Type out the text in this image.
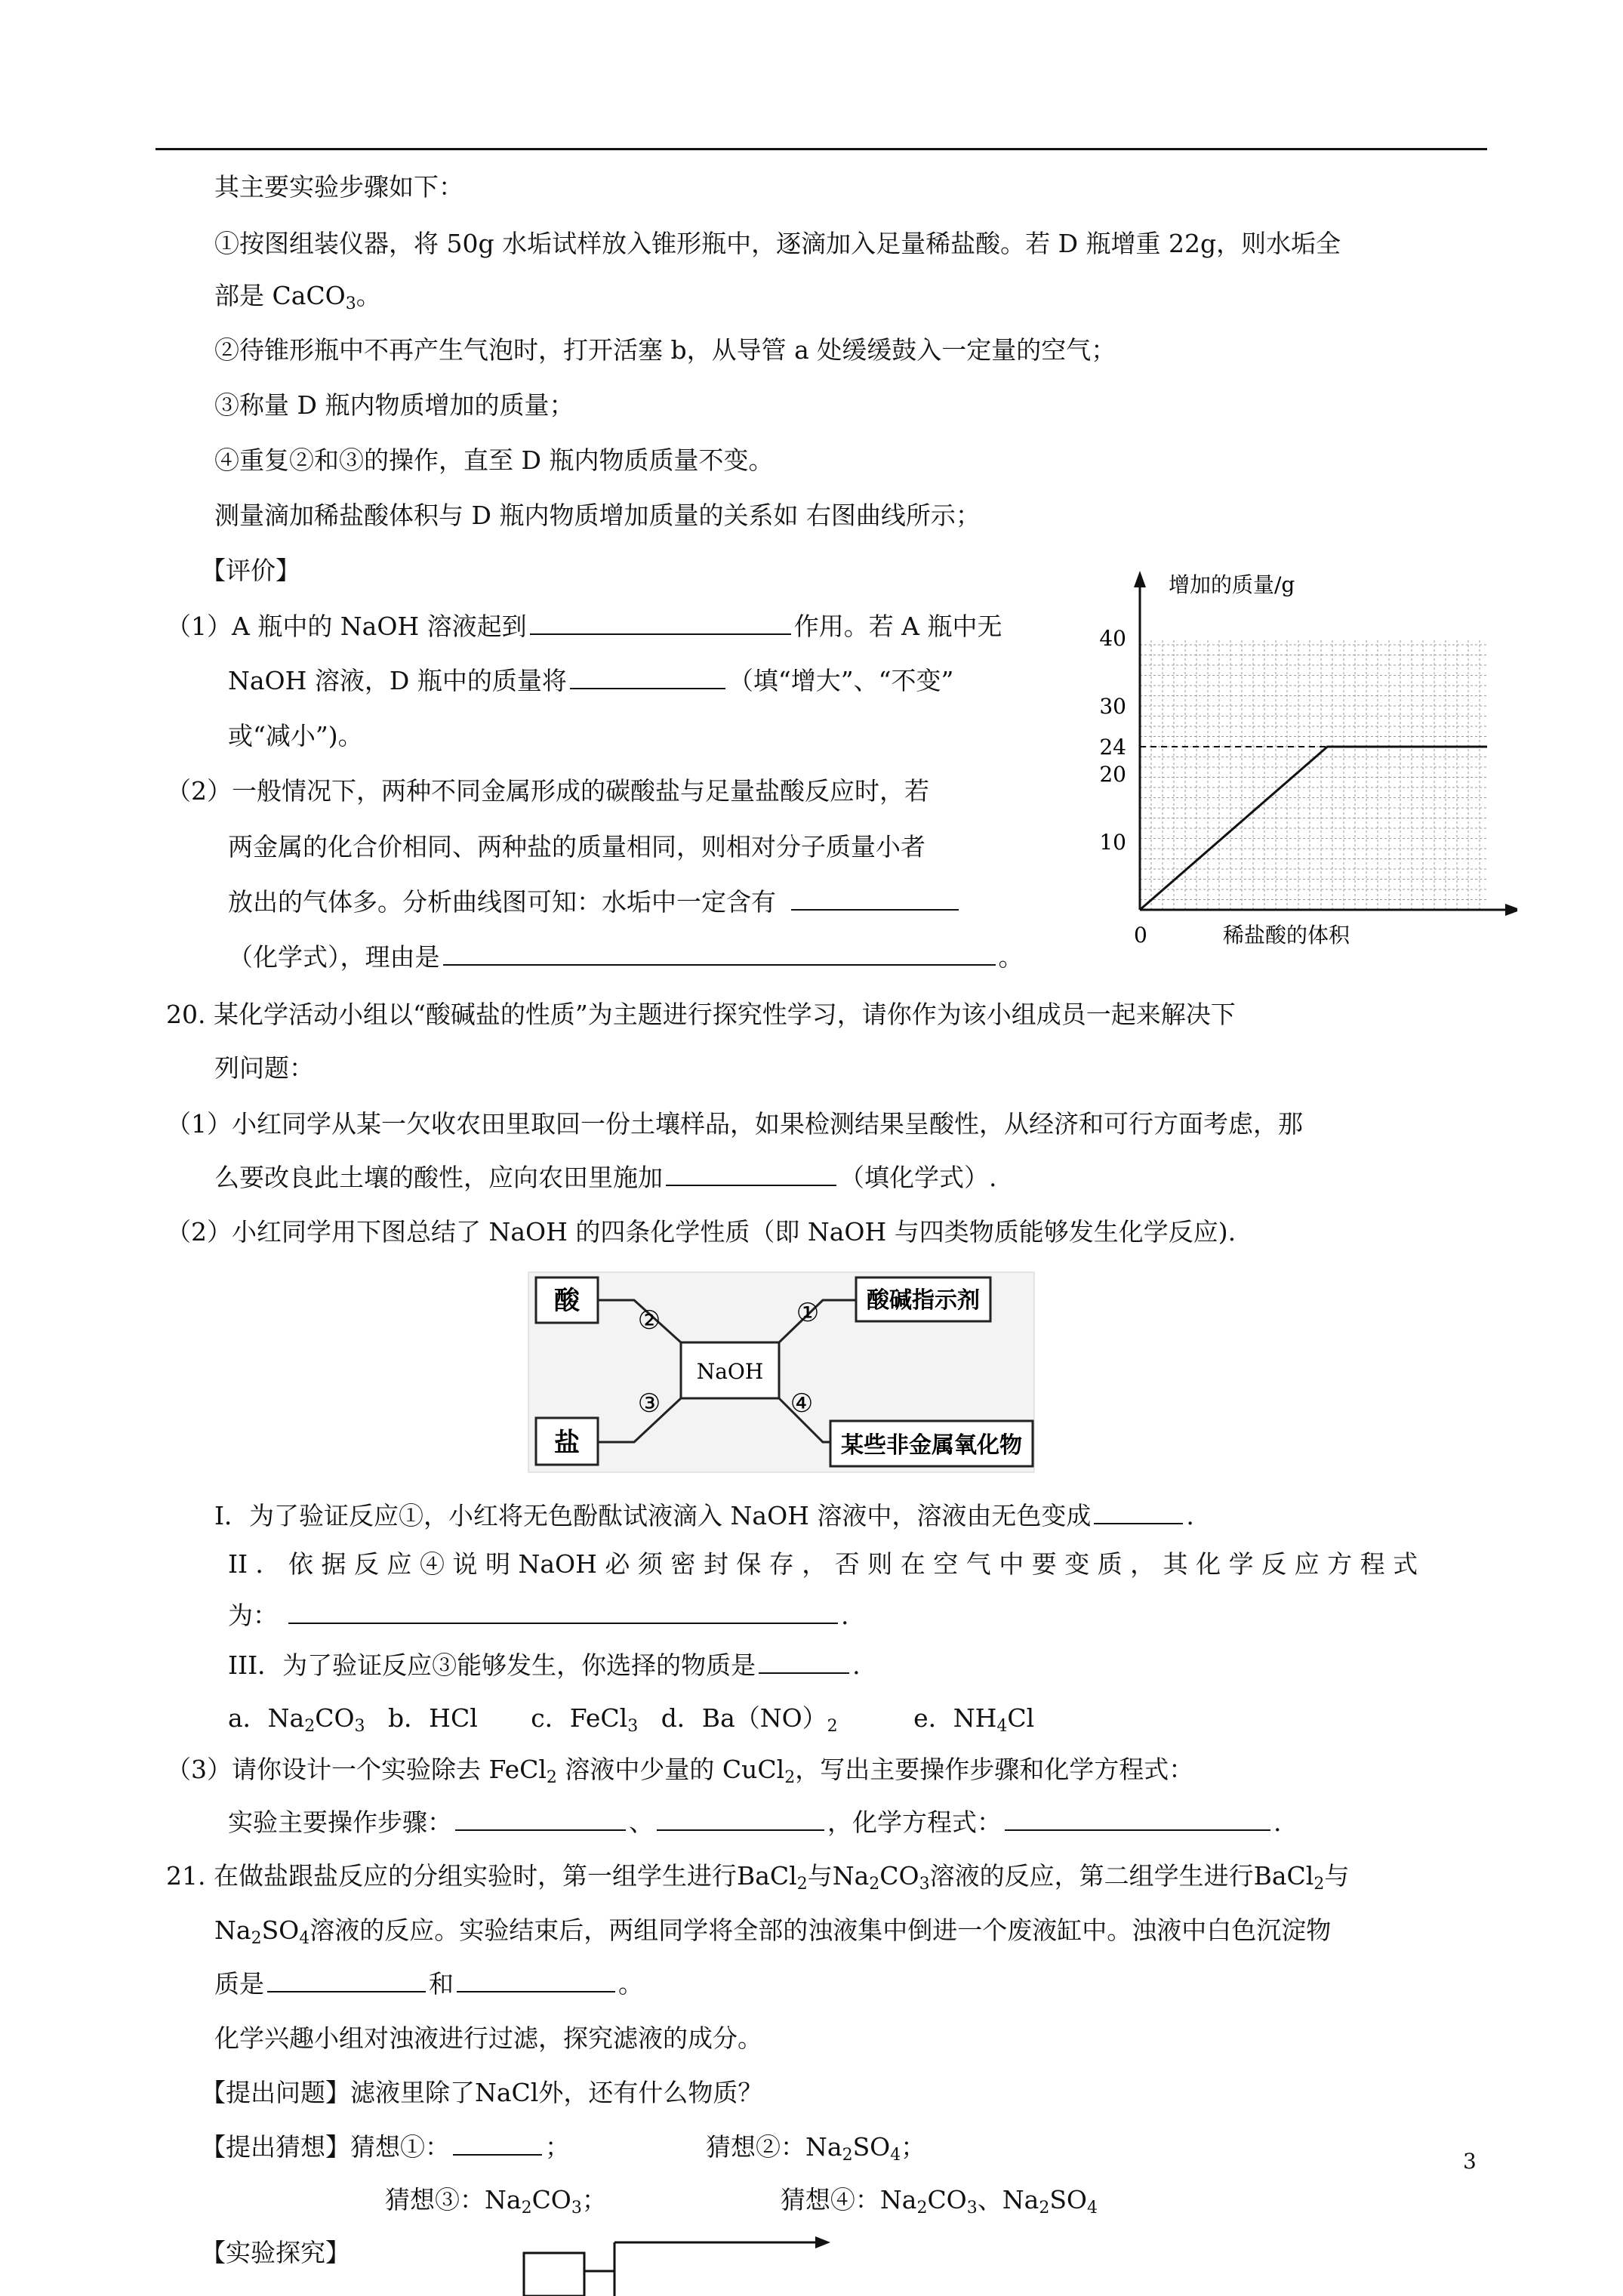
其主要实验步骤如下：
①按图组装仪器，将 50g 水垢试样放入锥形瓶中，逐滴加入足量稀盐酸。若 D 瓶增重 22g，则水垢全
部是 CaCO$_3$。
②待锥形瓶中不再产生气泡时，打开活塞 b，从导管 a 处缓缓鼓入一定量的空气；
③称量 D 瓶内物质增加的质量；
④重复②和③的操作，直至 D 瓶内物质质量不变。
测量滴加稀盐酸体积与 D 瓶内物质增加质量的关系如 右图曲线所示；
【评价】
（1）A 瓶中的 NaOH 溶液起到	作用。若 A 瓶中无
NaOH 溶液，D 瓶中的质量将	（填“增大”、“不变”
或“减小”)。
（2）一般情况下，两种不同金属形成的碳酸盐与足量盐酸反应时，若
两金属的化合价相同、两种盐的质量相同，则相对分子质量小者
放出的气体多。分析曲线图可知：水垢中一定含有
（化学式），理由是	。
增加的质量/g
稀盐酸的体积
0
10
20
24
30
40
20. 某化学活动小组以“酸碱盐的性质”为主题进行探究性学习，请你作为该小组成员一起来解决下
列问题：
（1）小红同学从某一欠收农田里取回一份土壤样品，如果检测结果呈酸性，从经济和可行方面考虑，那
么要改良此土壤的酸性，应向农田里施加	（填化学式）.
（2）小红同学用下图总结了 NaOH 的四条化学性质（即 NaOH 与四类物质能够发生化学反应).
酸
盐
NaOH
酸碱指示剂
某些非金属氧化物
②
③
①
④
I．为了验证反应①，小红将无色酚酞试液滴入 NaOH 溶液中，溶液由无色变成	.
II ． 依 据 反 应 ④ 说 明 NaOH 必 须 密 封 保 存 ， 否 则 在 空 气 中 要 变 质 ， 其 化 学 反 应 方 程 式
为：	.
III．为了验证反应③能够发生，你选择的物质是	.
a．$Na_2CO_3$ b．HCl c．FeCl$_3$ d．$Ba(NO)_2$	e．$NH_4Cl$
（3）请你设计一个实验除去 FeCl$_2$ 溶液中少量的 CuCl$_2$，写出主要操作步骤和化学方程式：
实验主要操作步骤：	、	，化学方程式：	.
21. 在做盐跟盐反应的分组实验时，第一组学生进行BaCl$_2$与$Na_2CO_3$溶液的反应，第二组学生进行BaCl$_2$与
$Na_2SO_4$溶液的反应。实验结束后，两组同学将全部的浊液集中倒进一个废液缸中。浊液中白色沉淀物
质是	和	。
化学兴趣小组对浊液进行过滤，探究滤液的成分。
【提出问题】滤液里除了NaCl外，还有什么物质？
【提出猜想】猜想①：	；	猜想②：$Na_2SO_4$；
猜想③：$Na_2CO_3$；	猜想④：$Na_2CO_3$、$Na_2SO_4$
【实验探究】
3
